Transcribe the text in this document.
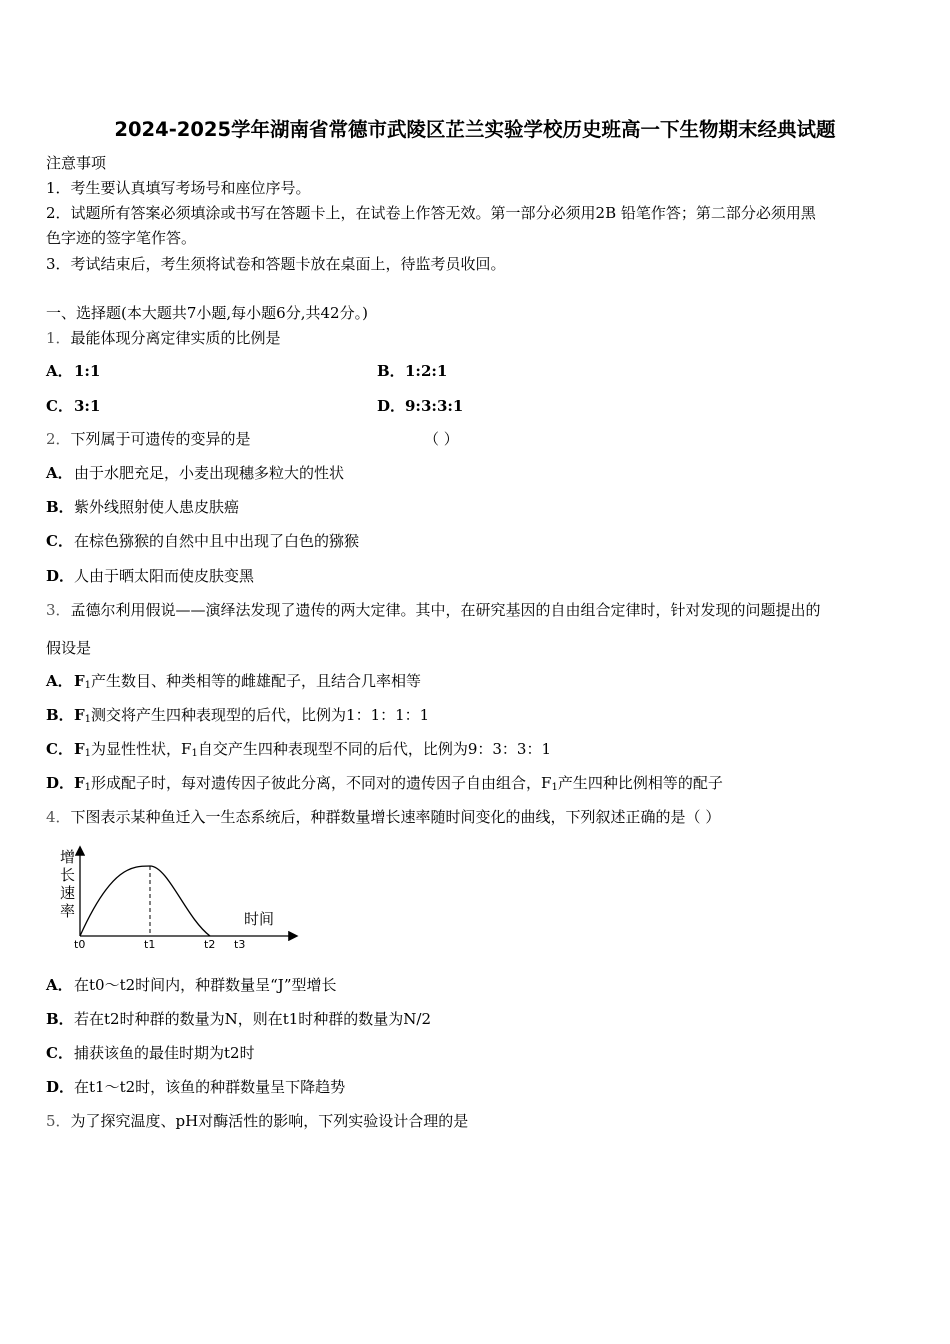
2024-2025学年湖南省常德市武陵区芷兰实验学校历史班高一下生物期末经典试题
注意事项
1．考生要认真填写考场号和座位序号。
2．试题所有答案必须填涂或书写在答题卡上，在试卷上作答无效。第一部分必须用2B 铅笔作答；第二部分必须用黑
色字迹的签字笔作答。
3．考试结束后，考生须将试卷和答题卡放在桌面上，待监考员收回。
一、选择题(本大题共7小题,每小题6分,共42分。)
1．最能体现分离定律实质的比例是
A．1:1	B．1:2:1
C．3:1	D．9:3:3:1
2．下列属于可遗传的变异的是	（ ）
A．由于水肥充足，小麦出现穗多粒大的性状
B．紫外线照射使人患皮肤癌
C．在棕色猕猴的自然中且中出现了白色的猕猴
D．人由于晒太阳而使皮肤变黑
3．孟德尔利用假说——演绎法发现了遗传的两大定律。其中，在研究基因的自由组合定律时，针对发现的问题提出的
假设是
A．$F_1$产生数目、种类相等的雌雄配子，且结合几率相等
B．$F_1$测交将产生四种表现型的后代，比例为1：1：1：1
C．$F_1$为显性性状，$F_1$自交产生四种表现型不同的后代，比例为9：3：3：1
D．$F_1$形成配子时，每对遗传因子彼此分离，不同对的遗传因子自由组合，$F_1$产生四种比例相等的配子
4．下图表示某种鱼迁入一生态系统后，种群数量增长速率随时间变化的曲线，下列叙述正确的是（ ）
增
长
速
率	时间
t0	t1	t2 t3
A．在t0～t2时间内，种群数量呈“J”型增长
B．若在t2时种群的数量为N，则在t1时种群的数量为N/2
C．捕获该鱼的最佳时期为t2时
D．在t1～t2时，该鱼的种群数量呈下降趋势
5．为了探究温度、pH对酶活性的影响，下列实验设计合理的是
